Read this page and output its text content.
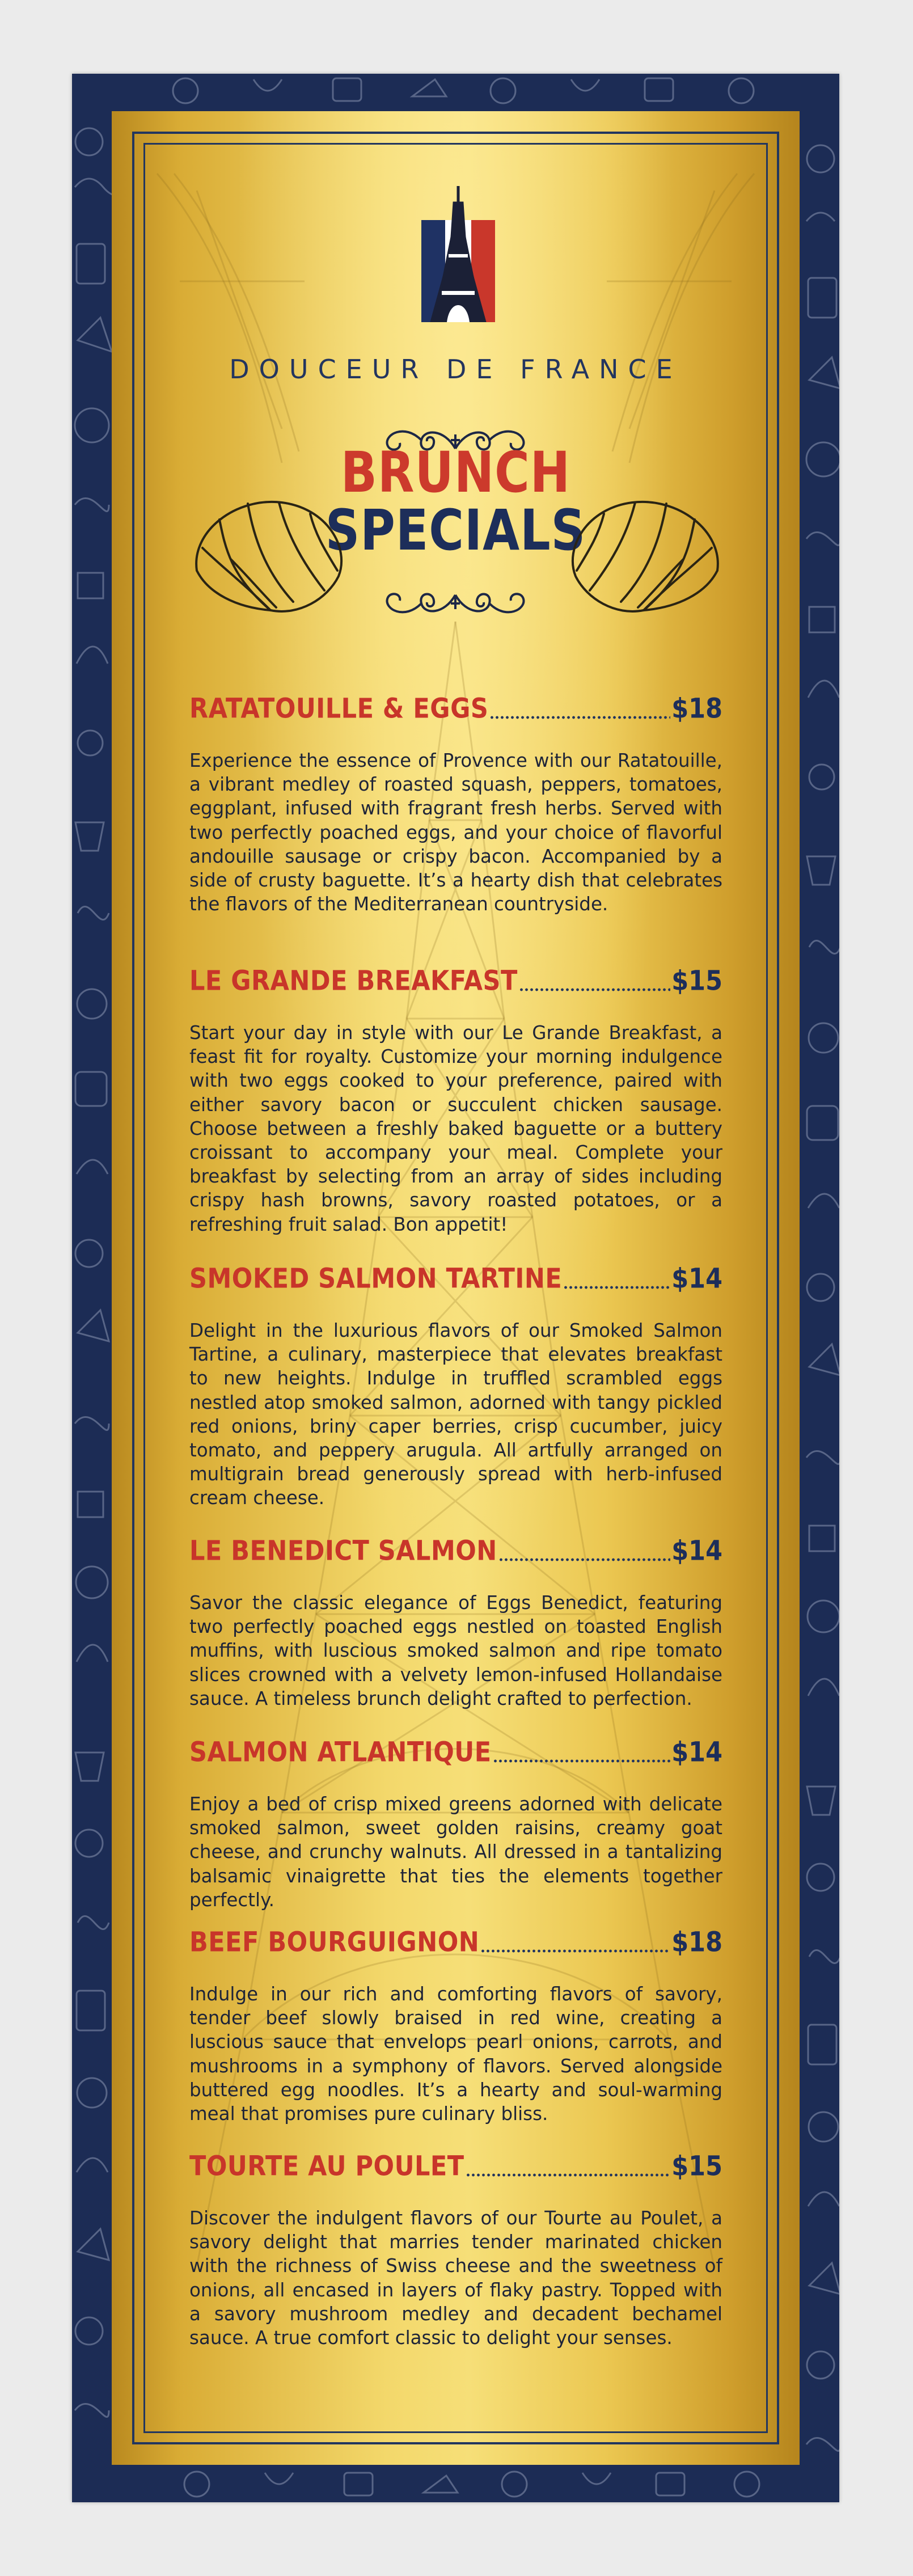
DOUCEUR DE FRANCE
BRUNCH
SPECIALS
RATATOUILLE & EGGS	$18
Experience the essence of Provence with our Ratatouille, a vibrant medley of roasted squash, peppers, tomatoes, eggplant, infused with fragrant fresh herbs. Served with two perfectly poached eggs, and your choice of flavorful andouille sausage or crispy bacon. Accompanied by a side of crusty baguette. It’s a hearty dish that celebrates the flavors of the Mediterranean countryside.
LE GRANDE BREAKFAST	$15
Start your day in style with our Le Grande Breakfast, a feast fit for royalty. Customize your morning indulgence with two eggs cooked to your preference, paired with either savory bacon or succulent chicken sausage. Choose between a freshly baked baguette or a buttery croissant to accompany your meal. Complete your breakfast by selecting from an array of sides including crispy hash browns, savory roasted potatoes, or a refreshing fruit salad. Bon appetit!
SMOKED SALMON TARTINE	$14
Delight in the luxurious flavors of our Smoked Salmon Tartine, a culinary, masterpiece that elevates breakfast to new heights. Indulge in truffled scrambled eggs nestled atop smoked salmon, adorned with tangy pickled red onions, briny caper berries, crisp cucumber, juicy tomato, and peppery arugula. All artfully arranged on multigrain bread generously spread with herb-infused cream cheese.
LE BENEDICT SALMON	$14
Savor the classic elegance of Eggs Benedict, featuring two perfectly poached eggs nestled on toasted English muffins, with luscious smoked salmon and ripe tomato slices crowned with a velvety lemon-infused Hollandaise sauce. A timeless brunch delight crafted to perfection.
SALMON ATLANTIQUE	$14
Enjoy a bed of crisp mixed greens adorned with delicate smoked salmon, sweet golden raisins, creamy goat cheese, and crunchy walnuts. All dressed in a tantalizing balsamic vinaigrette that ties the elements together perfectly.
BEEF BOURGUIGNON	$18
Indulge in our rich and comforting flavors of savory, tender beef slowly braised in red wine, creating a luscious sauce that envelops pearl onions, carrots, and mushrooms in a symphony of flavors. Served alongside buttered egg noodles. It’s a hearty and soul-warming meal that promises pure culinary bliss.
TOURTE AU POULET	$15
Discover the indulgent flavors of our Tourte au Poulet, a savory delight that marries tender marinated chicken with the richness of Swiss cheese and the sweetness of onions, all encased in layers of flaky pastry. Topped with a savory mushroom medley and decadent bechamel sauce. A true comfort classic to delight your senses.
